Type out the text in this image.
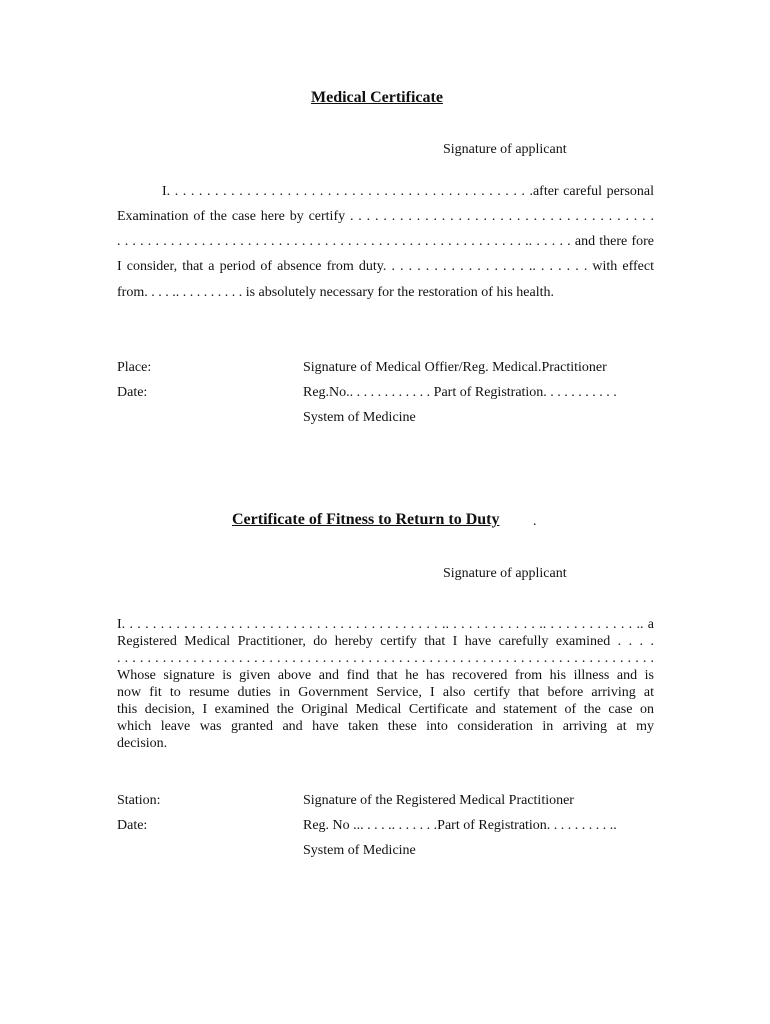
Medical Certificate
Signature of applicant
I. . . . . . . . . . . . . . . . . . . . . . . . . . . . . . . . . . . . . . . . . . . . . .after careful personal
Examination of the case here by certify . . . . . . . . . . . . . . . . . . . . . . . . . . . . . . . . . . . . .
. . . . . . . . . . . . . . . . . . . . . . . . . . . . . . . . . . . . . . . . . . . . . . . . . . . . . .. . . . . . and there fore
I consider, that a period of absence from duty. . . . . . . . . . . . . . . . . .. . . . . . . with effect
from. . . . .. . . . . . . . . . is absolutely necessary for the restoration of his health.
Place:	Signature of Medical Offier/Reg. Medical.Practitioner
Date:	Reg.No.. . . . . . . . . . . . Part of Registration. . . . . . . . . . .
System of Medicine
Certificate of Fitness to Return to Duty .
Signature of applicant
I. . . . . . . . . . . . . . . . . . . . . . . . . . . . . . . . . . . . . . . . . .. . . . . . . . . . . . .. . . . . . . . . . . . .. a
Registered Medical Practitioner, do hereby certify that I have carefully examined . . . .
. . . . . . . . . . . . . . . . . . . . . . . . . . . . . . . . . . . . . . . . . . . . . . . . . . . . . . . . . . . . . . . . . . . . . . .
Whose signature is given above and find that he has recovered from his illness and is
now fit to resume duties in Government Service, I also certify that before arriving at
this decision, I examined the Original Medical Certificate and statement of the case on
which leave was granted and have taken these into consideration in arriving at my
decision.
Station:	Signature of the Registered Medical Practitioner
Date:	Reg. No ... . . . .. . . . . . .Part of Registration. . . . . . . . . ..
System of Medicine
